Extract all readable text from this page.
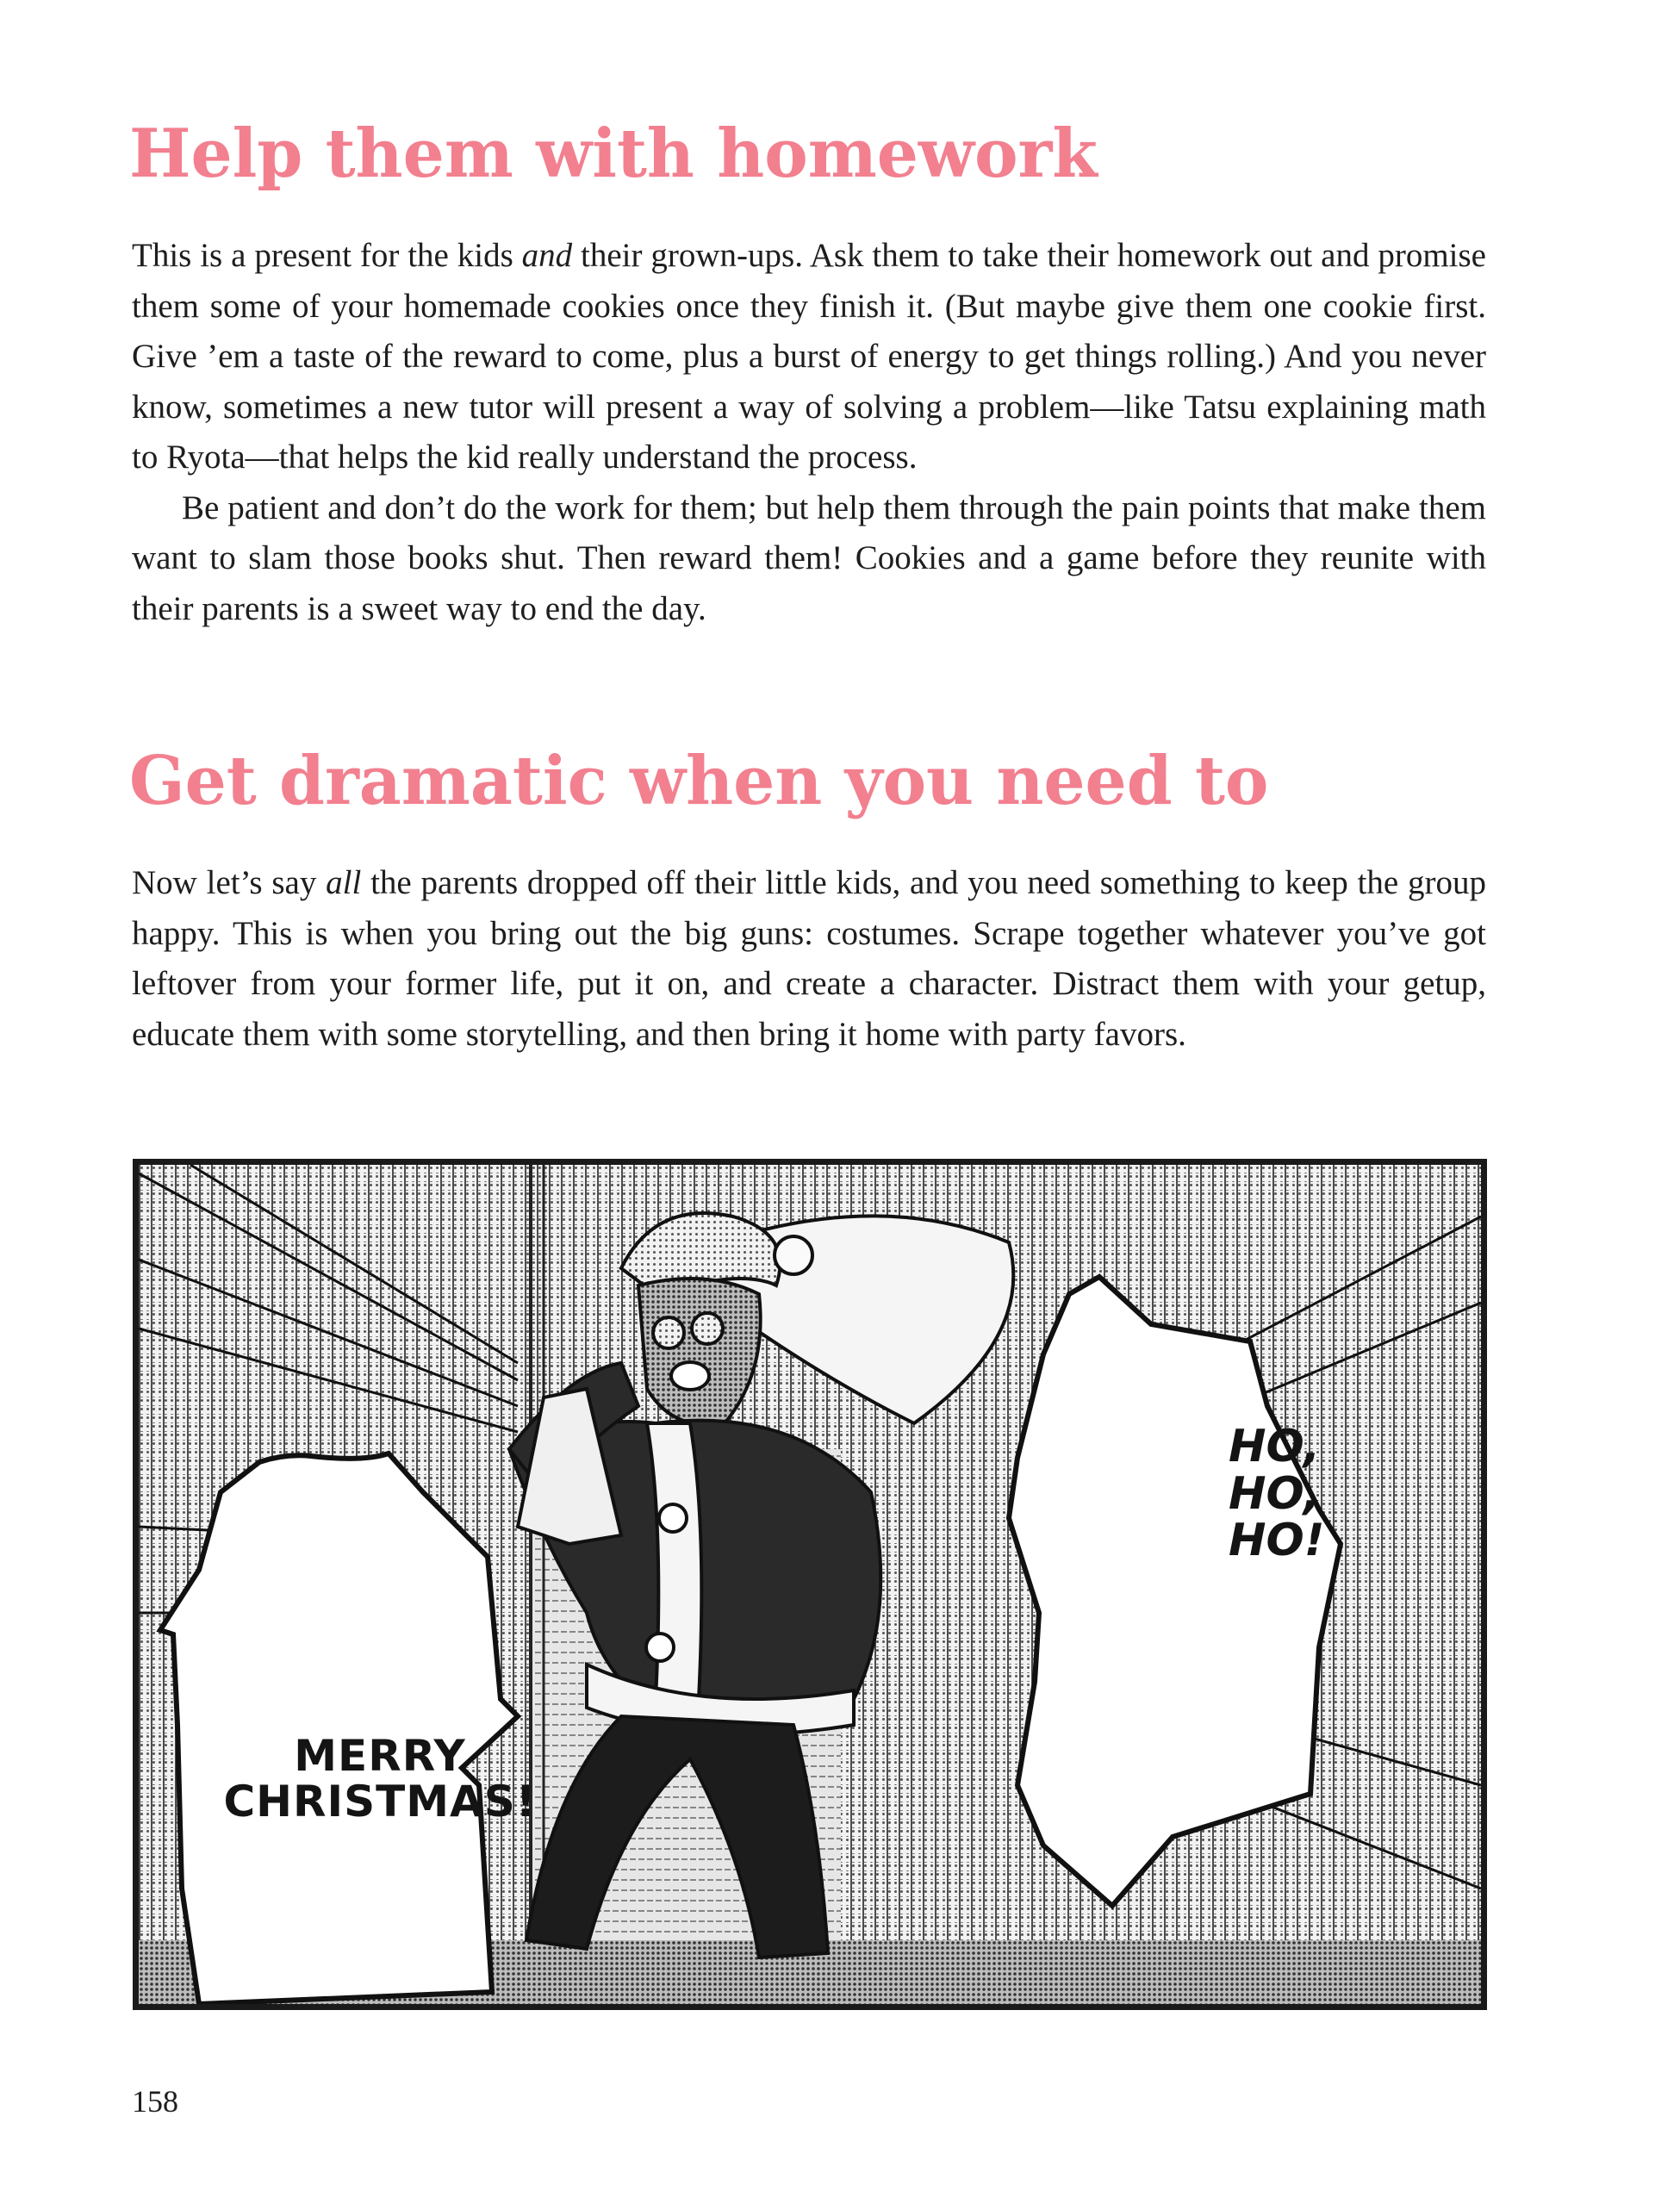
Help them with homework

This is a present for the kids and their grown-ups. Ask them to take their homework out and promise them some of your homemade cookies once they finish it. (But maybe give them one cookie first. Give ’em a taste of the reward to come, plus a burst of energy to get things rolling.) And you never know, sometimes a new tutor will present a way of solving a problem—like Tatsu explaining math to Ryota—that helps the kid really understand the process.

Be patient and don’t do the work for them; but help them through the pain points that make them want to slam those books shut. Then reward them! Cookies and a game before they reunite with their parents is a sweet way to end the day.

Get dramatic when you need to

Now let’s say all the parents dropped off their little kids, and you need something to keep the group happy. This is when you bring out the big guns: costumes. Scrape together whatever you’ve got leftover from your former life, put it on, and create a character. Distract them with your getup, educate them with some storytelling, and then bring it home with party favors.

MERRY
CHRISTMAS!
HO,
HO,
HO!
158
